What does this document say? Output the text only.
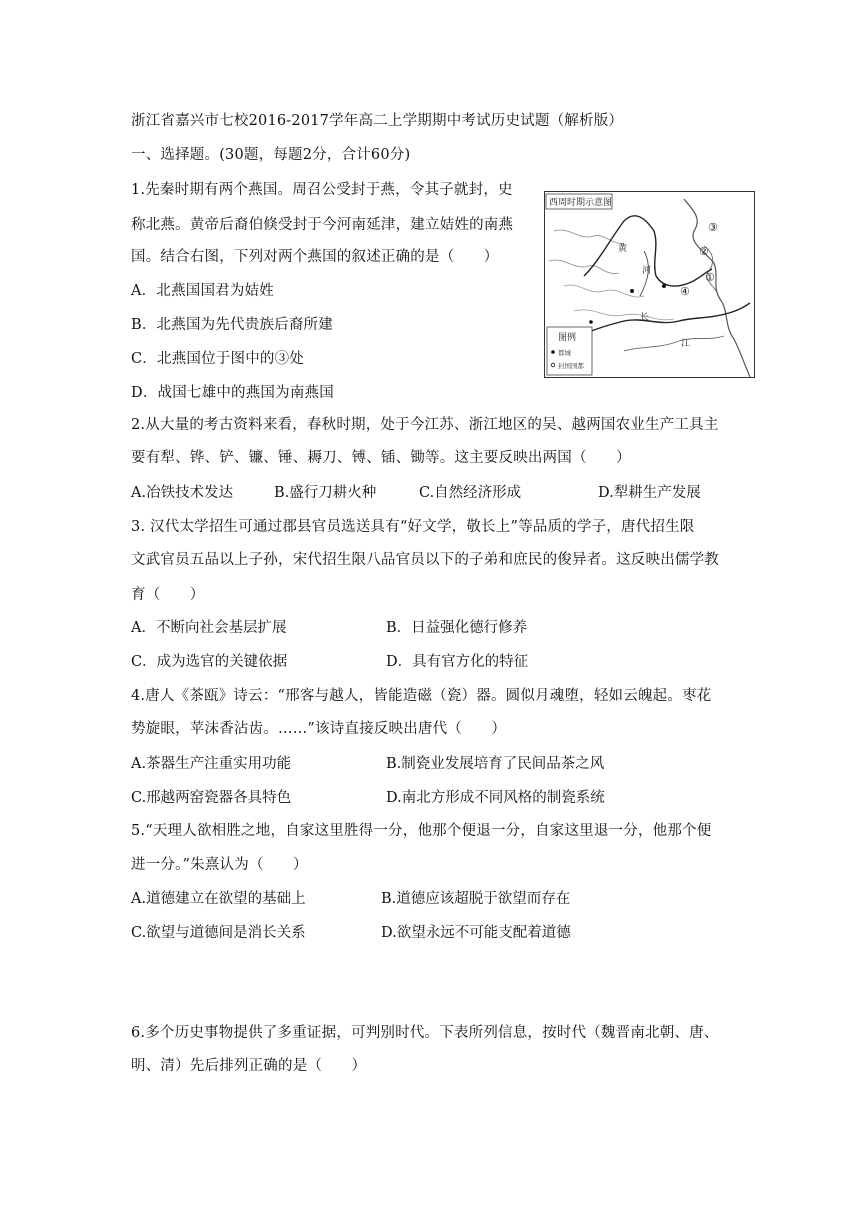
浙江省嘉兴市七校2016-2017学年高二上学期期中考试历史试题（解析版）
一、选择题。(30题，每题2分，合计60分)
1.先秦时期有两个燕国。周召公受封于燕，令其子就封，史
称北燕。黄帝后裔伯倏受封于今河南延津，建立姞姓的南燕
国。结合右图，下列对两个燕国的叙述正确的是（　　）
A．北燕国国君为姞姓
B．北燕国为先代贵族后裔所建
C．北燕国位于图中的③处
D．战国七雄中的燕国为南燕国
西周时期示意图
黄
河
长
江
①
②
③
④
图例
都城
封国国都
2.从大量的考古资料来看，春秋时期，处于今江苏、浙江地区的吴、越两国农业生产工具主
要有犁、铧、铲、镰、锤、耨刀、镈、锸、锄等。这主要反映出两国（　　）
A.冶铁技术发达	B.盛行刀耕火种	C.自然经济形成	D.犁耕生产发展
3. 汉代太学招生可通过郡县官员选送具有“好文学，敬长上”等品质的学子，唐代招生限
文武官员五品以上子孙，宋代招生限八品官员以下的子弟和庶民的俊异者。这反映出儒学教
育（　　）
A．不断向社会基层扩展	B．日益强化德行修养
C．成为选官的关键依据	D．具有官方化的特征
4.唐人《茶瓯》诗云：“邢客与越人，皆能造磁（瓷）器。圆似月魂堕，轻如云魄起。枣花
势旋眼，苹沫香沾齿。……”该诗直接反映出唐代（　　）
A.茶器生产注重实用功能	B.制瓷业发展培育了民间品茶之风
C.邢越两窑瓷器各具特色	D.南北方形成不同风格的制瓷系统
5.“天理人欲相胜之地，自家这里胜得一分，他那个便退一分，自家这里退一分，他那个便
进一分。”朱熹认为（　　）
A.道德建立在欲望的基础上	B.道德应该超脱于欲望而存在
C.欲望与道德间是消长关系	D.欲望永远不可能支配着道德
6.多个历史事物提供了多重证据，可判别时代。下表所列信息，按时代（魏晋南北朝、唐、
明、清）先后排列正确的是（　　）
